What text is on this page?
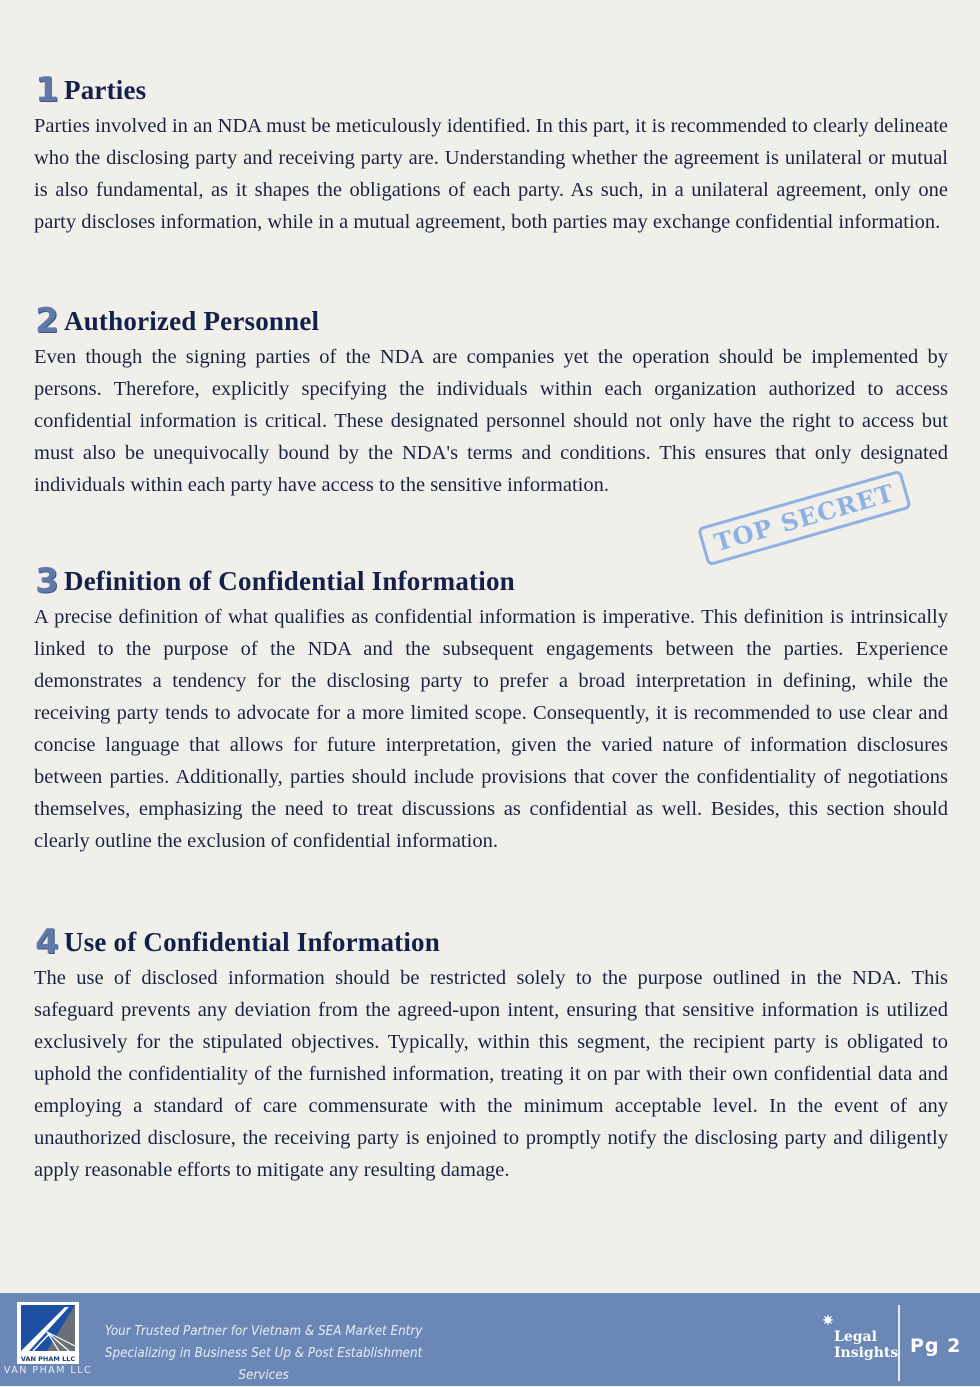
1 Parties

Parties involved in an NDA must be meticulously identified. In this part, it is recommended to clearly delineate who the disclosing party and receiving party are. Understanding whether the agreement is unilateral or mutual is also fundamental, as it shapes the obligations of each party. As such, in a unilateral agreement, only one party discloses information, while in a mutual agreement, both parties may exchange confidential information.

2 Authorized Personnel

Even though the signing parties of the NDA are companies yet the operation should be implemented by persons. Therefore, explicitly specifying the individuals within each organization authorized to access confidential information is critical. These designated personnel should not only have the right to access but must also be unequivocally bound by the NDA's terms and conditions. This ensures that only designated individuals within each party have access to the sensitive information.

3 Definition of Confidential Information

A precise definition of what qualifies as confidential information is imperative. This definition is intrinsically linked to the purpose of the NDA and the subsequent engagements between the parties. Experience demonstrates a tendency for the disclosing party to prefer a broad interpretation in defining, while the receiving party tends to advocate for a more limited scope. Consequently, it is recommended to use clear and concise language that allows for future interpretation, given the varied nature of information disclosures between parties. Additionally, parties should include provisions that cover the confidentiality of negotiations themselves, emphasizing the need to treat discussions as confidential as well. Besides, this section should clearly outline the exclusion of confidential information.

4 Use of Confidential Information

The use of disclosed information should be restricted solely to the purpose outlined in the NDA. This safeguard prevents any deviation from the agreed-upon intent, ensuring that sensitive information is utilized exclusively for the stipulated objectives. Typically, within this segment, the recipient party is obligated to uphold the confidentiality of the furnished information, treating it on par with their own confidential data and employing a standard of care commensurate with the minimum acceptable level. In the event of any unauthorized disclosure, the receiving party is enjoined to promptly notify the disclosing party and diligently apply reasonable efforts to mitigate any resulting damage.

TOP SECRET
VAN PHAM LLC
VAN PHAM LLC
Your Trusted Partner for Vietnam & SEA Market Entry
Specializing in Business Set Up & Post Establishment Services
✷
Legal
Insights Pg 2
